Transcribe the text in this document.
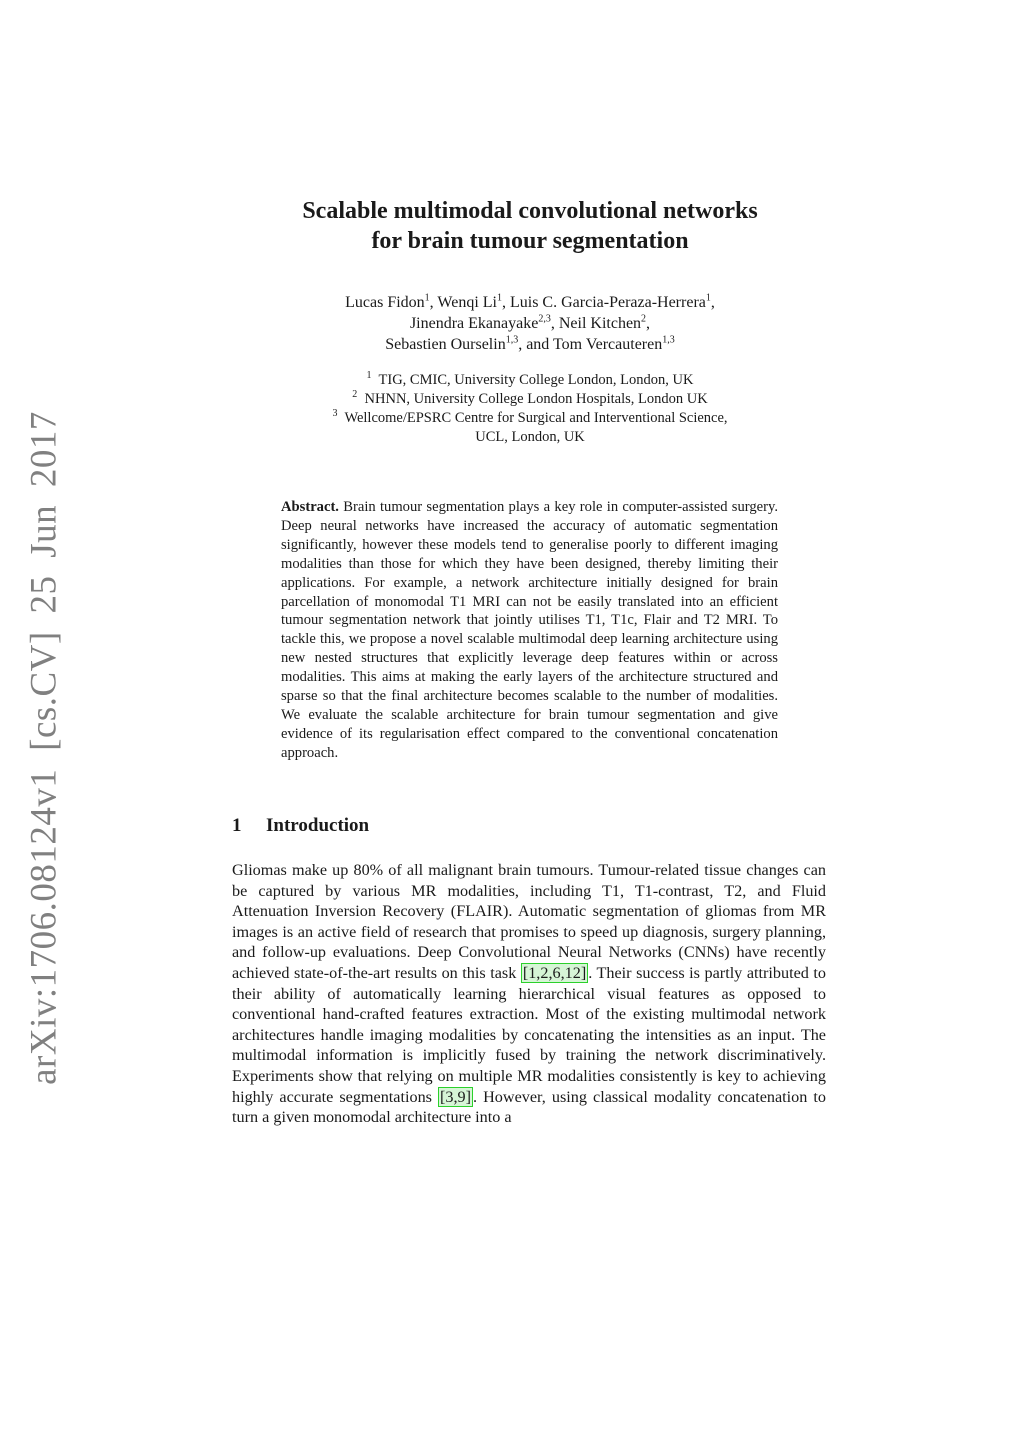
arXiv:1706.08124v1 [cs.CV] 25 Jun 2017
Scalable multimodal convolutional networks
for brain tumour segmentation
Lucas Fidon$^1$, Wenqi Li$^1$, Luis C. Garcia-Peraza-Herrera$^1$,
Jinendra Ekanayake$^{2,3}$, Neil Kitchen$^2$,
Sebastien Ourselin$^{1,3}$, and Tom Vercauteren$^{1,3}$
$^1$ TIG, CMIC, University College London, London, UK
$^2$ NHNN, University College London Hospitals, London UK
$^3$ Wellcome/EPSRC Centre for Surgical and Interventional Science,
UCL, London, UK
Abstract. Brain tumour segmentation plays a key role in computer-assisted surgery. Deep neural networks have increased the accuracy of automatic segmentation significantly, however these models tend to generalise poorly to different imaging modalities than those for which they have been designed, thereby limiting their applications. For example, a network architecture initially designed for brain parcellation of monomodal T1 MRI can not be easily translated into an efficient tumour segmentation network that jointly utilises T1, T1c, Flair and T2 MRI. To tackle this, we propose a novel scalable multimodal deep learning architecture using new nested structures that explicitly leverage deep features within or across modalities. This aims at making the early layers of the architecture structured and sparse so that the final architecture becomes scalable to the number of modalities. We evaluate the scalable architecture for brain tumour segmentation and give evidence of its regularisation effect compared to the conventional concatenation approach.
1 Introduction
Gliomas make up 80% of all malignant brain tumours. Tumour-related tissue changes can be captured by various MR modalities, including T1, T1-contrast, T2, and Fluid Attenuation Inversion Recovery (FLAIR). Automatic segmentation of gliomas from MR images is an active field of research that promises to speed up diagnosis, surgery planning, and follow-up evaluations. Deep Convolutional Neural Networks (CNNs) have recently achieved state-of-the-art results on this task [1,2,6,12] . Their success is partly attributed to their ability of automatically learning hierarchical visual features as opposed to conventional hand-crafted features extraction. Most of the existing multimodal network architectures handle imaging modalities by concatenating the intensities as an input. The multimodal information is implicitly fused by training the network discriminatively. Experiments show that relying on multiple MR modalities consistently is key to achieving highly accurate segmentations [3,9] . However, using classical modality concatenation to turn a given monomodal architecture into a
